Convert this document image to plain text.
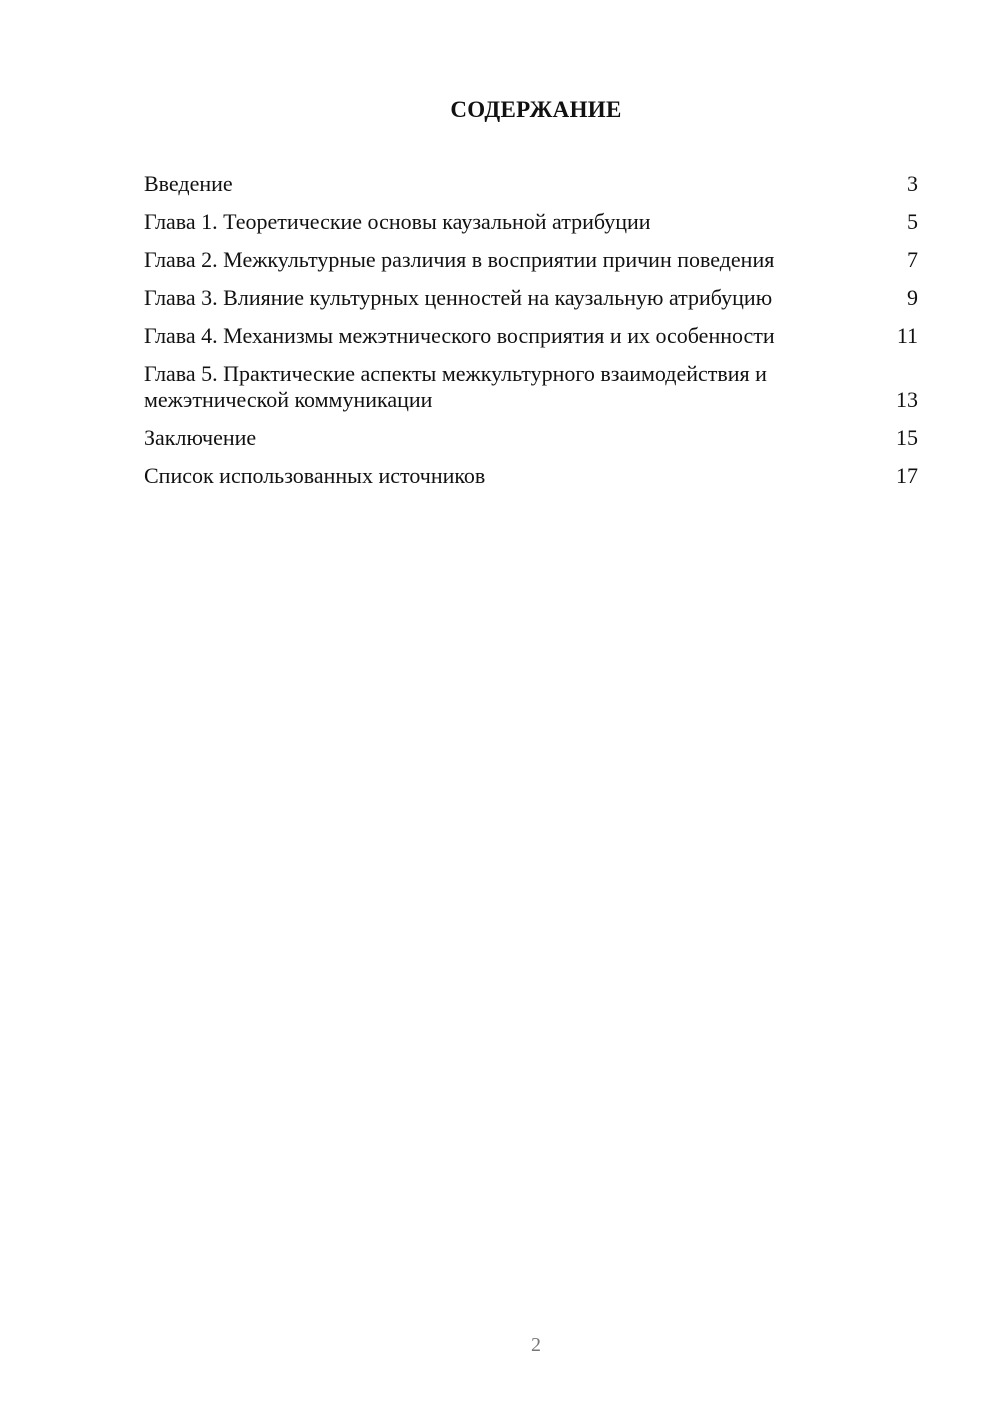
СОДЕРЖАНИЕ
Введение	3
Глава 1. Теоретические основы каузальной атрибуции	5
Глава 2. Межкультурные различия в восприятии причин поведения	7
Глава 3. Влияние культурных ценностей на каузальную атрибуцию	9
Глава 4. Механизмы межэтнического восприятия и их особенности	11
Глава 5. Практические аспекты межкультурного взаимодействия и межэтнической коммуникации	13
Заключение	15
Список использованных источников	17
2
